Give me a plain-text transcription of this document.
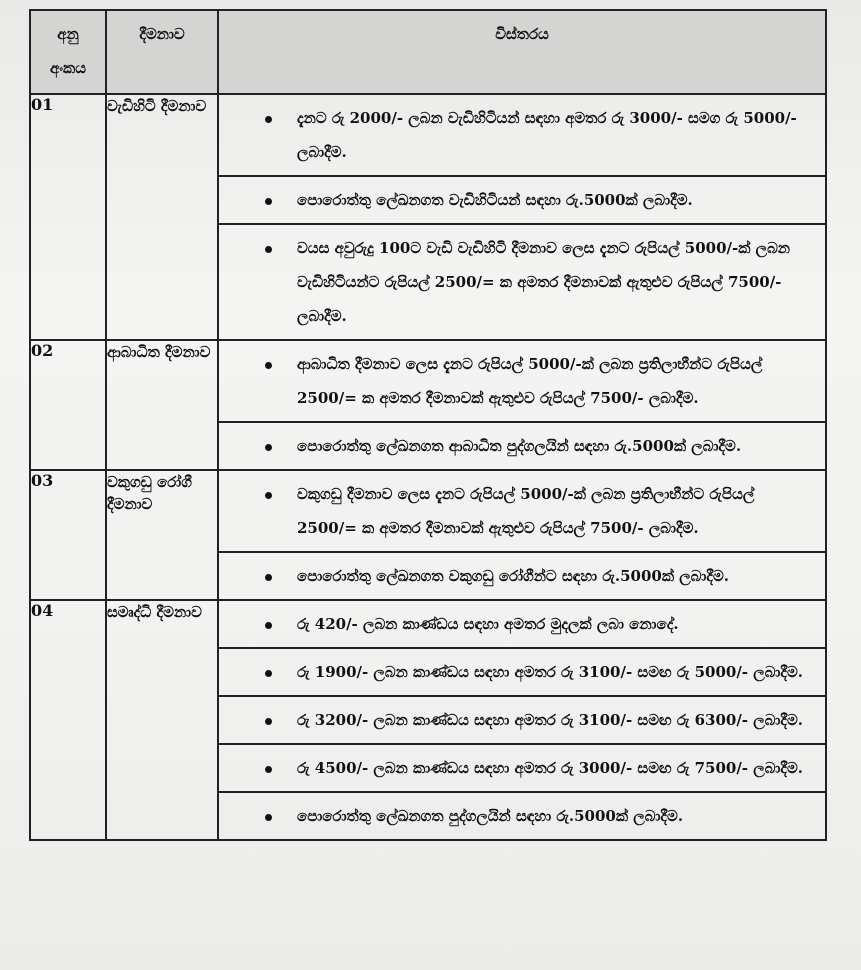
අනු
අංකය	දීමනාව	විස්තරය

01	වැඩිහිටි දීමනාව	දැනට රු 2000/- ලබන වැඩිහිටියන් සඳහා අමතර රු 3000/- සමග රු 5000/- ලබාදීම.
පොරොත්තු ලේඛනගත වැඩිහිටියන් සඳහා රු.5000ක් ලබාදීම.
වයස අවුරුදු 100ට වැඩි වැඩිහිටි දීමනාව ලෙස දැනට රුපියල් 5000/-ක් ලබන වැඩිහිටියන්ට රුපියල් 2500/= ක අමතර දීමනාවක් ඇතුළුව රුපියල් 7500/- ලබාදීම.

02	ආබාධිත දීමනාව	ආබාධිත දීමනාව ලෙස දැනට රුපියල් 5000/-ක් ලබන ප්‍රතිලාභීන්ට රුපියල් 2500/= ක අමතර දීමනාවක් ඇතුළුව රුපියල් 7500/- ලබාදීම.
පොරොත්තු ලේඛනගත ආබාධිත පුද්ගලයින් සඳහා රු.5000ක් ලබාදීම.

03	වකුගඩු රෝගී දීමනාව	වකුගඩු දීමනාව ලෙස දැනට රුපියල් 5000/-ක් ලබන ප්‍රතිලාභීන්ට රුපියල් 2500/= ක අමතර දීමනාවක් ඇතුළුව රුපියල් 7500/- ලබාදීම.
පොරොත්තු ලේඛනගත වකුගඩු රෝගීන්ට සඳහා රු.5000ක් ලබාදීම.

04	සමෘද්ධි දීමනාව	රු 420/- ලබන කාණ්ඩය සඳහා අමතර මුදලක් ලබා නොදේ.
රු 1900/- ලබන කාණ්ඩය සඳහා අමතර රු 3100/- සමඟ රු 5000/- ලබාදීම.
රු 3200/- ලබන කාණ්ඩය සඳහා අමතර රු 3100/- සමඟ රු 6300/- ලබාදීම.
රු 4500/- ලබන කාණ්ඩය සඳහා අමතර රු 3000/- සමඟ රු 7500/- ලබාදීම.
පොරොත්තු ලේඛනගත පුද්ගලයින් සඳහා රු.5000ක් ලබාදීම.
